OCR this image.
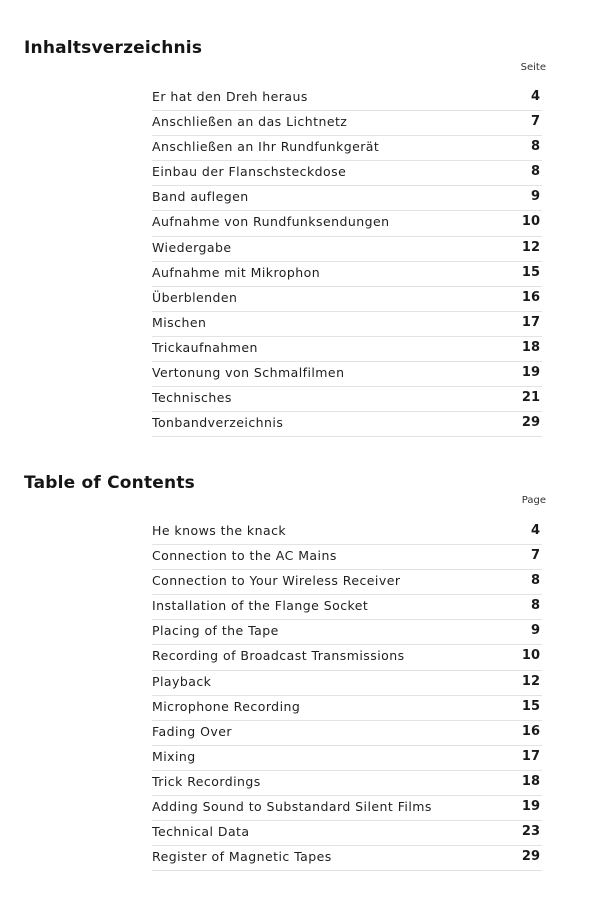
Inhaltsverzeichnis
Seite
Er hat den Dreh heraus	4
Anschließen an das Lichtnetz	7
Anschließen an Ihr Rundfunkgerät	8
Einbau der Flanschsteckdose	8
Band auflegen	9
Aufnahme von Rundfunksendungen	10
Wiedergabe	12
Aufnahme mit Mikrophon	15
Überblenden	16
Mischen	17
Trickaufnahmen	18
Vertonung von Schmalfilmen	19
Technisches	21
Tonbandverzeichnis	29
Table of Contents
Page
He knows the knack	4
Connection to the AC Mains	7
Connection to Your Wireless Receiver	8
Installation of the Flange Socket	8
Placing of the Tape	9
Recording of Broadcast Transmissions	10
Playback	12
Microphone Recording	15
Fading Over	16
Mixing	17
Trick Recordings	18
Adding Sound to Substandard Silent Films	19
Technical Data	23
Register of Magnetic Tapes	29
